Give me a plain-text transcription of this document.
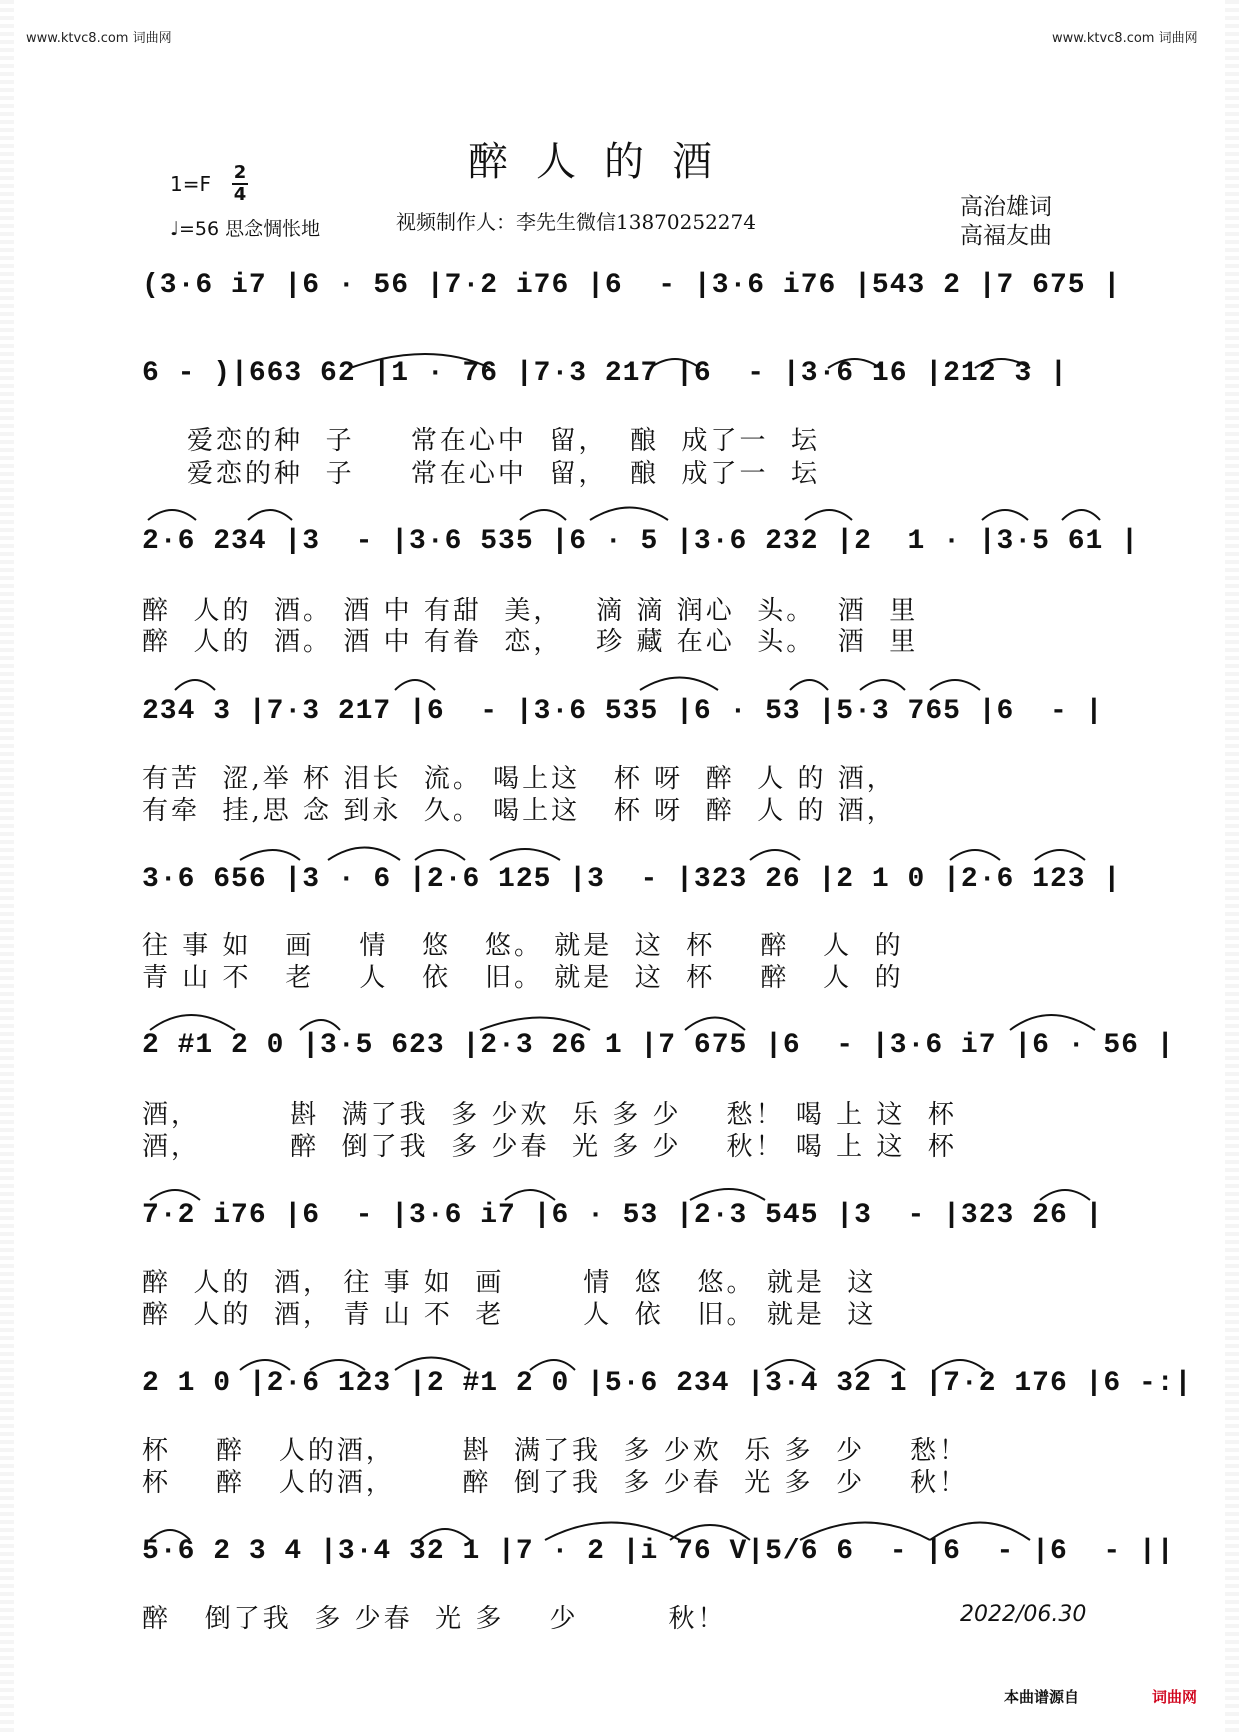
www.ktvc8.com 词曲网	www.ktvc8.com 词曲网
醉人的酒
1=F 2
4
♩=56 思念惆怅地	视频制作人：李先生微信13870252274
高治雄词
高福友曲
(3·6 i7 |6 · 56 |7·2 i76 |6  - |3·6 i76 |543 2 |7 675 |
6 - )|663 62 |1 · 76 |7·3 217 |6  - |3·6 16 |212 3 |
爱恋的种  子     常在心中  留，  酿  成了一  坛
爱恋的种  子     常在心中  留，  酿  成了一  坛
2·6 234 |3  - |3·6 535 |6 · 5 |3·6 232 |2  1 · |3·5 61 |
醉  人的  酒。 酒 中 有甜  美，   滴 滴 润心  头。  酒  里
醉  人的  酒。 酒 中 有眷  恋，   珍 藏 在心  头。  酒  里
234 3 |7·3 217 |6  - |3·6 535 |6 · 53 |5·3 765 |6  - |
有苦  涩,举 杯 泪长  流。 喝上这   杯 呀  醉  人 的 酒，
有牵  挂,思 念 到永  久。 喝上这   杯 呀  醉  人 的 酒，
3·6 656 |3 · 6 |2·6 125 |3  - |323 26 |2 1 0 |2·6 123 |
往 事 如   画    情   悠   悠。 就是  这  杯    醉   人  的
青 山 不   老    人   依   旧。 就是  这  杯    醉   人  的
2 #1 2 0 |3·5 623 |2·3 26 1 |7 675 |6  - |3·6 i7 |6 · 56 |
酒，        斟  满了我  多 少欢  乐 多 少    愁！ 喝 上 这  杯
酒，        醉  倒了我  多 少春  光 多 少    秋！ 喝 上 这  杯
7·2 i76 |6  - |3·6 i7 |6 · 53 |2·3 545 |3  - |323 26 |
醉  人的  酒， 往 事 如  画       情  悠   悠。 就是  这
醉  人的  酒， 青 山 不  老       人  依   旧。 就是  这
2 1 0 |2·6 123 |2 #1 2 0 |5·6 234 |3·4 32 1 |7·2 176 |6 -:|
杯    醉   人的酒，      斟  满了我  多 少欢  乐 多  少    愁！
杯    醉   人的酒，      醉  倒了我  多 少春  光 多  少    秋！
5·6 2 3 4 |3·4 32 1 |7 · 2 |i 76 V|5/6 6  - |6  - |6  - ||
醉   倒了我  多 少春  光 多    少        秋！	2022/06.30
本曲谱源自	词曲网
